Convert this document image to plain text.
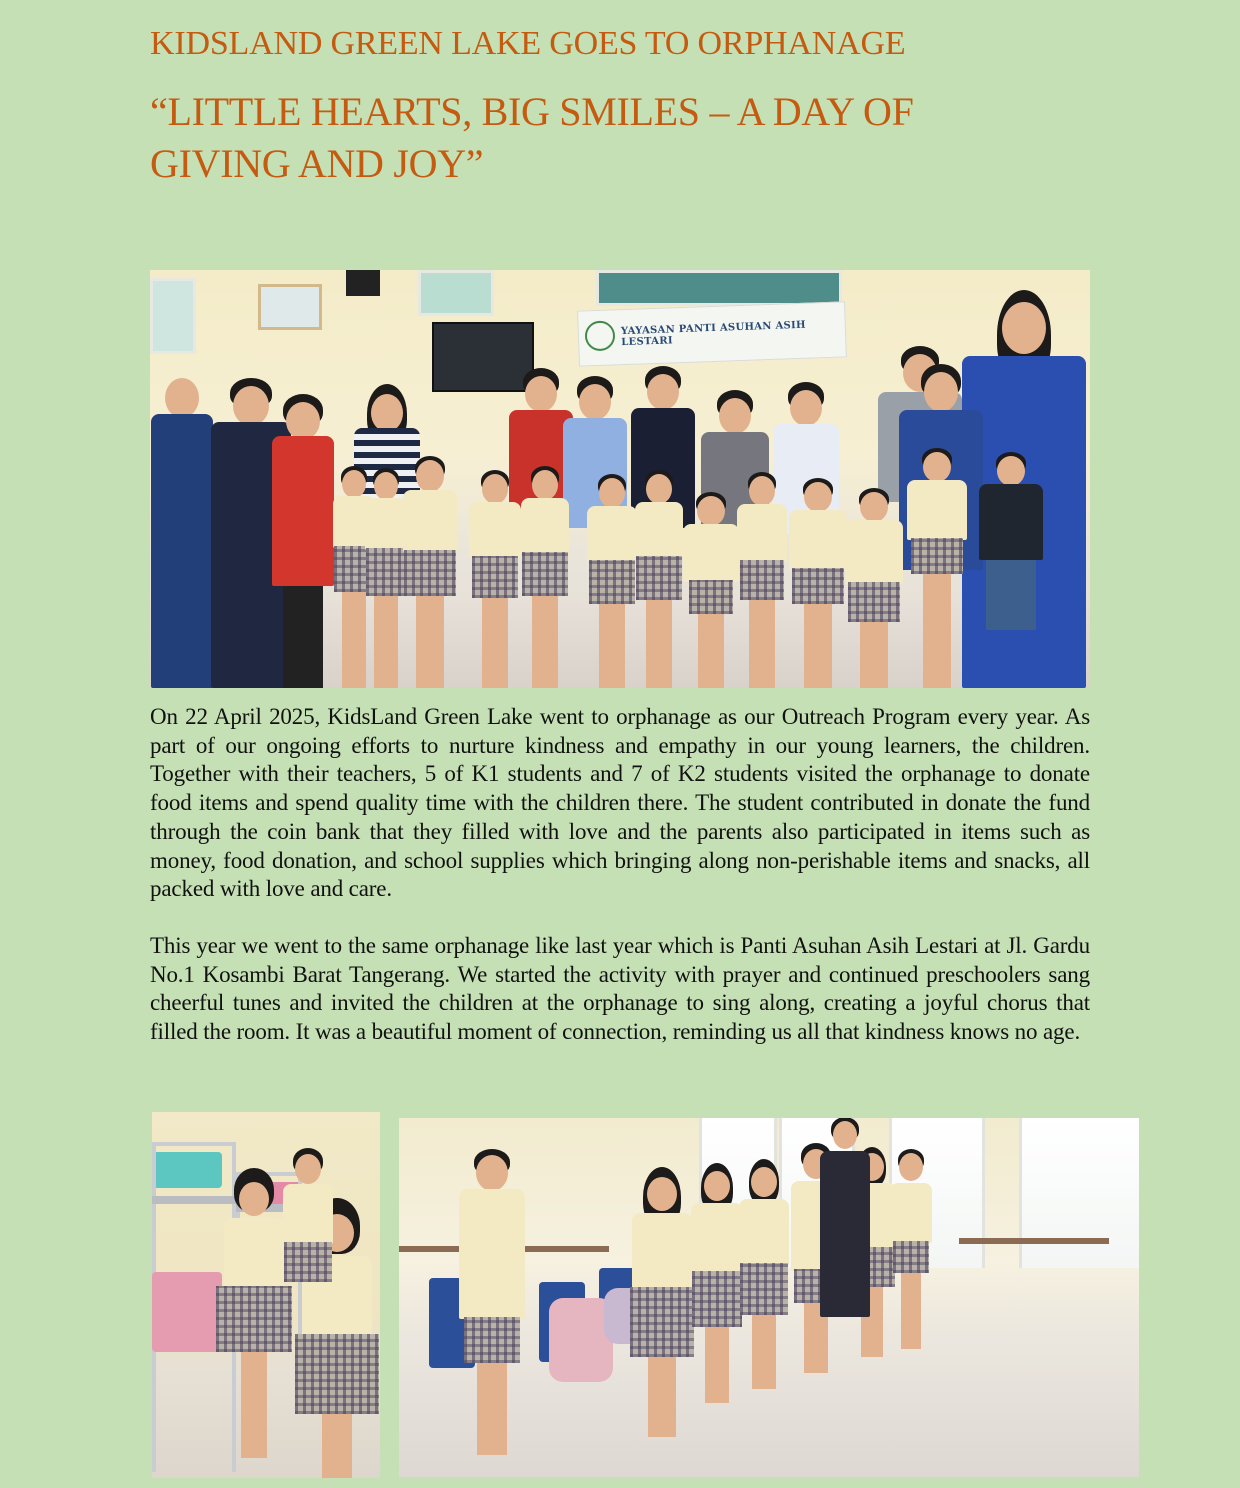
KIDSLAND GREEN LAKE GOES TO ORPHANAGE
“LITTLE HEARTS, BIG SMILES – A DAY OF GIVING AND JOY”
YAYASAN PANTI ASUHAN ASIH LESTARI

On 22 April 2025, KidsLand Green Lake went to orphanage as our Outreach Program every year. As part of our ongoing efforts to nurture kindness and empathy in our young learners, the children. Together with their teachers, 5 of K1 students and 7 of K2 students visited the orphanage to donate food items and spend quality time with the children there. The student contributed in donate the fund through the coin bank that they filled with love and the parents also participated in items such as money, food donation, and school supplies which bringing along non-perishable items and snacks, all packed with love and care.

This year we went to the same orphanage like last year which is Panti Asuhan Asih Lestari at Jl. Gardu No.1 Kosambi Barat Tangerang. We started the activity with prayer and continued preschoolers sang cheerful tunes and invited the children at the orphanage to sing along, creating a joyful chorus that filled the room. It was a beautiful moment of connection, reminding us all that kindness knows no age.
